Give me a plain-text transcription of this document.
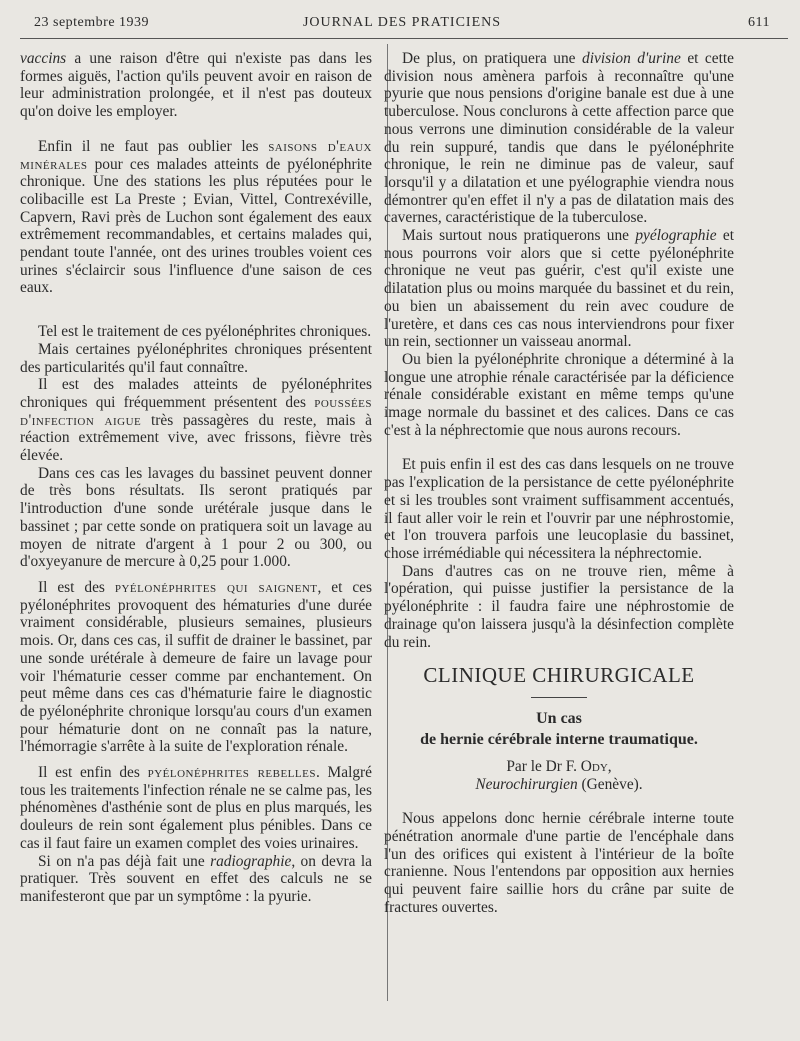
23 septembre 1939	JOURNAL DES PRATICIENS	611

vaccins a une raison d'être qui n'existe pas dans les formes aiguës, l'action qu'ils peuvent avoir en raison de leur administration prolongée, et il n'est pas douteux qu'on doive les employer.

Enfin il ne faut pas oublier les saisons d'eaux minérales pour ces malades atteints de pyélonéphrite chronique. Une des stations les plus réputées pour le colibacille est La Preste ; Evian, Vittel, Contrexéville, Capvern, Ravi près de Luchon sont également des eaux extrêmement recommandables, et certains malades qui, pendant toute l'année, ont des urines troubles voient ces urines s'éclaircir sous l'influence d'une saison de ces eaux.

Tel est le traitement de ces pyélonéphrites chroniques.

Mais certaines pyélonéphrites chroniques présentent des particularités qu'il faut connaître.

Il est des malades atteints de pyélonéphrites chroniques qui fréquemment présentent des poussées d'infection aigue très passagères du reste, mais à réaction extrêmement vive, avec frissons, fièvre très élevée.

Dans ces cas les lavages du bassinet peuvent donner de très bons résultats. Ils seront pratiqués par l'introduction d'une sonde urétérale jusque dans le bassinet ; par cette sonde on pratiquera soit un lavage au moyen de nitrate d'argent à 1 pour 2 ou 300, ou d'oxyeyanure de mercure à 0,25 pour 1.000.

Il est des pyélonéphrites qui saignent, et ces pyélonéphrites provoquent des hématuries d'une durée vraiment considérable, plusieurs semaines, plusieurs mois. Or, dans ces cas, il suffit de drainer le bassinet, par une sonde urétérale à demeure de faire un lavage pour voir l'hématurie cesser comme par enchantement. On peut même dans ces cas d'hématurie faire le diagnostic de pyélonéphrite chronique lorsqu'au cours d'un examen pour hématurie dont on ne connaît pas la nature, l'hémorragie s'arrête à la suite de l'exploration rénale.

Il est enfin des pyélonéphrites rebelles. Malgré tous les traitements l'infection rénale ne se calme pas, les phénomènes d'asthénie sont de plus en plus marqués, les douleurs de rein sont également plus pénibles. Dans ce cas il faut faire un examen complet des voies urinaires.

Si on n'a pas déjà fait une radiographie, on devra la pratiquer. Très souvent en effet des calculs ne se manifesteront que par un symptôme : la pyurie.

De plus, on pratiquera une division d'urine et cette division nous amènera parfois à reconnaître qu'une pyurie que nous pensions d'origine banale est due à une tuberculose. Nous conclurons à cette affection parce que nous verrons une diminution considérable de la valeur du rein suppuré, tandis que dans le pyélonéphrite chronique, le rein ne diminue pas de valeur, sauf lorsqu'il y a dilatation et une pyélographie viendra nous démontrer qu'en effet il n'y a pas de dilatation mais des cavernes, caractéristique de la tuberculose.

Mais surtout nous pratiquerons une pyélographie et nous pourrons voir alors que si cette pyélonéphrite chronique ne veut pas guérir, c'est qu'il existe une dilatation plus ou moins marquée du bassinet et du rein, ou bien un abaissement du rein avec coudure de l'uretère, et dans ces cas nous interviendrons pour fixer un rein, sectionner un vaisseau anormal.

Ou bien la pyélonéphrite chronique a déterminé à la longue une atrophie rénale caractérisée par la déficience rénale considérable existant en même temps qu'une image normale du bassinet et des calices. Dans ce cas c'est à la néphrectomie que nous aurons recours.

Et puis enfin il est des cas dans lesquels on ne trouve pas l'explication de la persistance de cette pyélonéphrite et si les troubles sont vraiment suffisamment accentués, il faut aller voir le rein et l'ouvrir par une néphrostomie, et l'on trouvera parfois une leucoplasie du bassinet, chose irrémédiable qui nécessitera la néphrectomie.

Dans d'autres cas on ne trouve rien, même à l'opération, qui puisse justifier la persistance de la pyélonéphrite : il faudra faire une néphrostomie de drainage qu'on laissera jusqu'à la désinfection complète du rein.

CLINIQUE CHIRURGICALE
Un cas
de hernie cérébrale interne traumatique.
Par le Dr F. Ody,
Neurochirurgien (Genève).

Nous appelons donc hernie cérébrale interne toute pénétration anormale d'une partie de l'encéphale dans l'un des orifices qui existent à l'intérieur de la boîte cranienne. Nous l'entendons par opposition aux hernies qui peuvent faire saillie hors du crâne par suite de fractures ouvertes.
